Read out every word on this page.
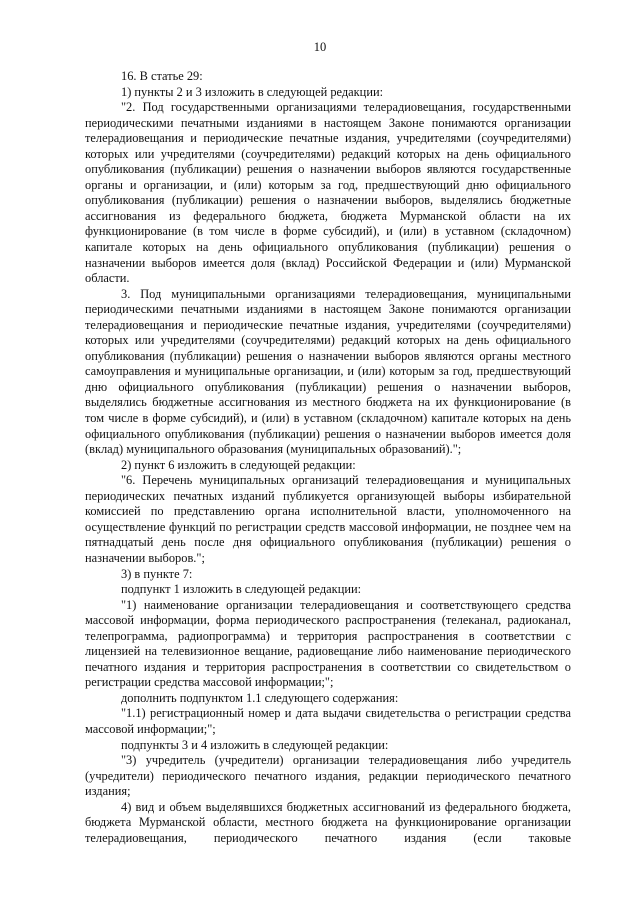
10

16. В статье 29:

1) пункты 2 и 3 изложить в следующей редакции:

"2. Под государственными организациями телерадиовещания, государственными периодическими печатными изданиями в настоящем Законе понимаются организации телерадиовещания и периодические печатные издания, учредителями (соучредителями) которых или учредителями (соучредителями) редакций которых на день официального опубликования (публикации) решения о назначении выборов являются государственные органы и организации, и (или) которым за год, предшествующий дню официального опубликования (публикации) решения о назначении выборов, выделялись бюджетные ассигнования из федерального бюджета, бюджета Мурманской области на их функционирование (в том числе в форме субсидий), и (или) в уставном (складочном) капитале которых на день официального опубликования (публикации) решения о назначении выборов имеется доля (вклад) Российской Федерации и (или) Мурманской области.

3. Под муниципальными организациями телерадиовещания, муниципальными периодическими печатными изданиями в настоящем Законе понимаются организации телерадиовещания и периодические печатные издания, учредителями (соучредителями) которых или учредителями (соучредителями) редакций которых на день официального опубликования (публикации) решения о назначении выборов являются органы местного самоуправления и муниципальные организации, и (или) которым за год, предшествующий дню официального опубликования (публикации) решения о назначении выборов, выделялись бюджетные ассигнования из местного бюджета на их функционирование (в том числе в форме субсидий), и (или) в уставном (складочном) капитале которых на день официального опубликования (публикации) решения о назначении выборов имеется доля (вклад) муниципального образования (муниципальных образований).";

2) пункт 6 изложить в следующей редакции:

"6. Перечень муниципальных организаций телерадиовещания и муниципальных периодических печатных изданий публикуется организующей выборы избирательной комиссией по представлению органа исполнительной власти, уполномоченного на осуществление функций по регистрации средств массовой информации, не позднее чем на пятнадцатый день после дня официального опубликования (публикации) решения о назначении выборов.";

3) в пункте 7:

подпункт 1 изложить в следующей редакции:

"1) наименование организации телерадиовещания и соответствующего средства массовой информации, форма периодического распространения (телеканал, радиоканал, телепрограмма, радиопрограмма) и территория распространения в соответствии с лицензией на телевизионное вещание, радиовещание либо наименование периодического печатного издания и территория распространения в соответствии со свидетельством о регистрации средства массовой информации;";

дополнить подпунктом 1.1 следующего содержания:

"1.1) регистрационный номер и дата выдачи свидетельства о регистрации средства массовой информации;";

подпункты 3 и 4 изложить в следующей редакции:

"3) учредитель (учредители) организации телерадиовещания либо учредитель (учредители) периодического печатного издания, редакции периодического печатного издания;

4) вид и объем выделявшихся бюджетных ассигнований из федерального бюджета, бюджета Мурманской области, местного бюджета на функционирование организации телерадиовещания, периодического печатного издания (если таковые
